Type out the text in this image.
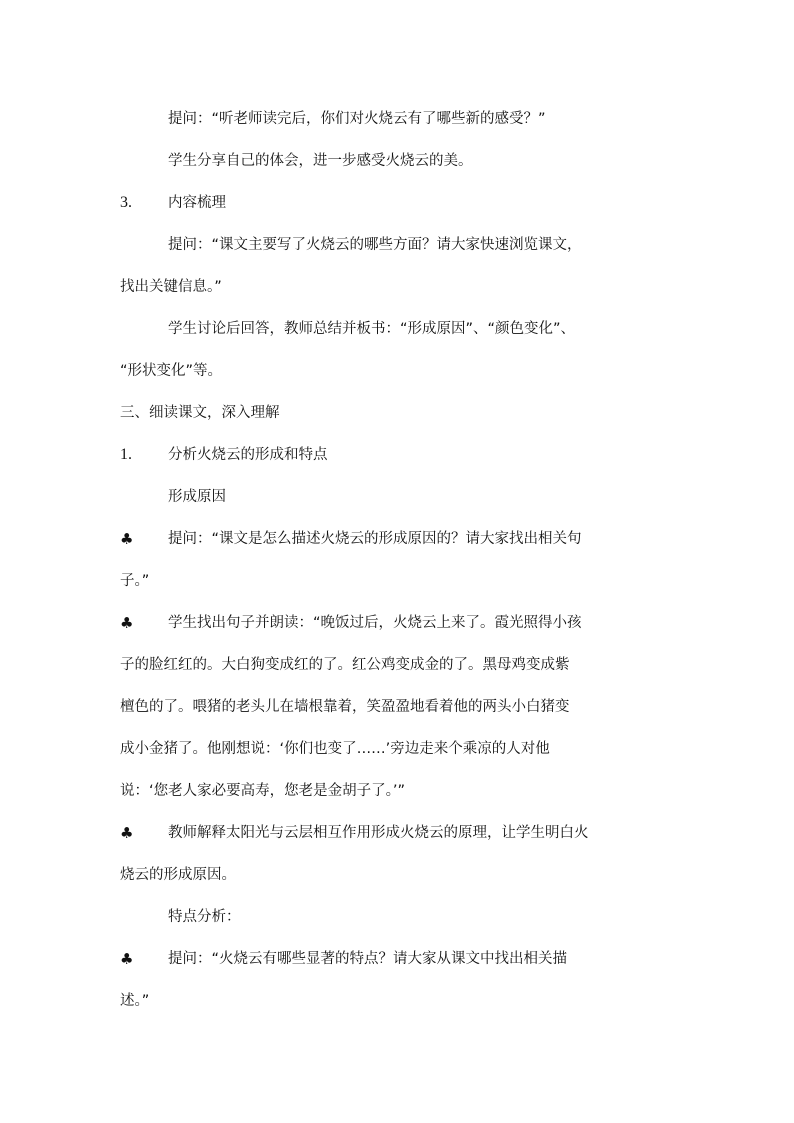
提问：“听老师读完后，你们对火烧云有了哪些新的感受？”
学生分享自己的体会，进一步感受火烧云的美。
3. 内容梳理
提问：“课文主要写了火烧云的哪些方面？请大家快速浏览课文，
找出关键信息。”
学生讨论后回答，教师总结并板书：“形成原因”、“颜色变化”、
“形状变化”等。
三、细读课文，深入理解
1. 分析火烧云的形成和特点
形成原因
♣ 提问：“课文是怎么描述火烧云的形成原因的？请大家找出相关句
子。”
♣ 学生找出句子并朗读：“晚饭过后，火烧云上来了。霞光照得小孩
子的脸红红的。大白狗变成红的了。红公鸡变成金的了。黑母鸡变成紫
檀色的了。喂猪的老头儿在墙根靠着，笑盈盈地看着他的两头小白猪变
成小金猪了。他刚想说：‘你们也变了……’旁边走来个乘凉的人对他
说：‘您老人家必要高寿，您老是金胡子了。’”
♣ 教师解释太阳光与云层相互作用形成火烧云的原理，让学生明白火
烧云的形成原因。
特点分析：
♣ 提问：“火烧云有哪些显著的特点？请大家从课文中找出相关描
述。”
